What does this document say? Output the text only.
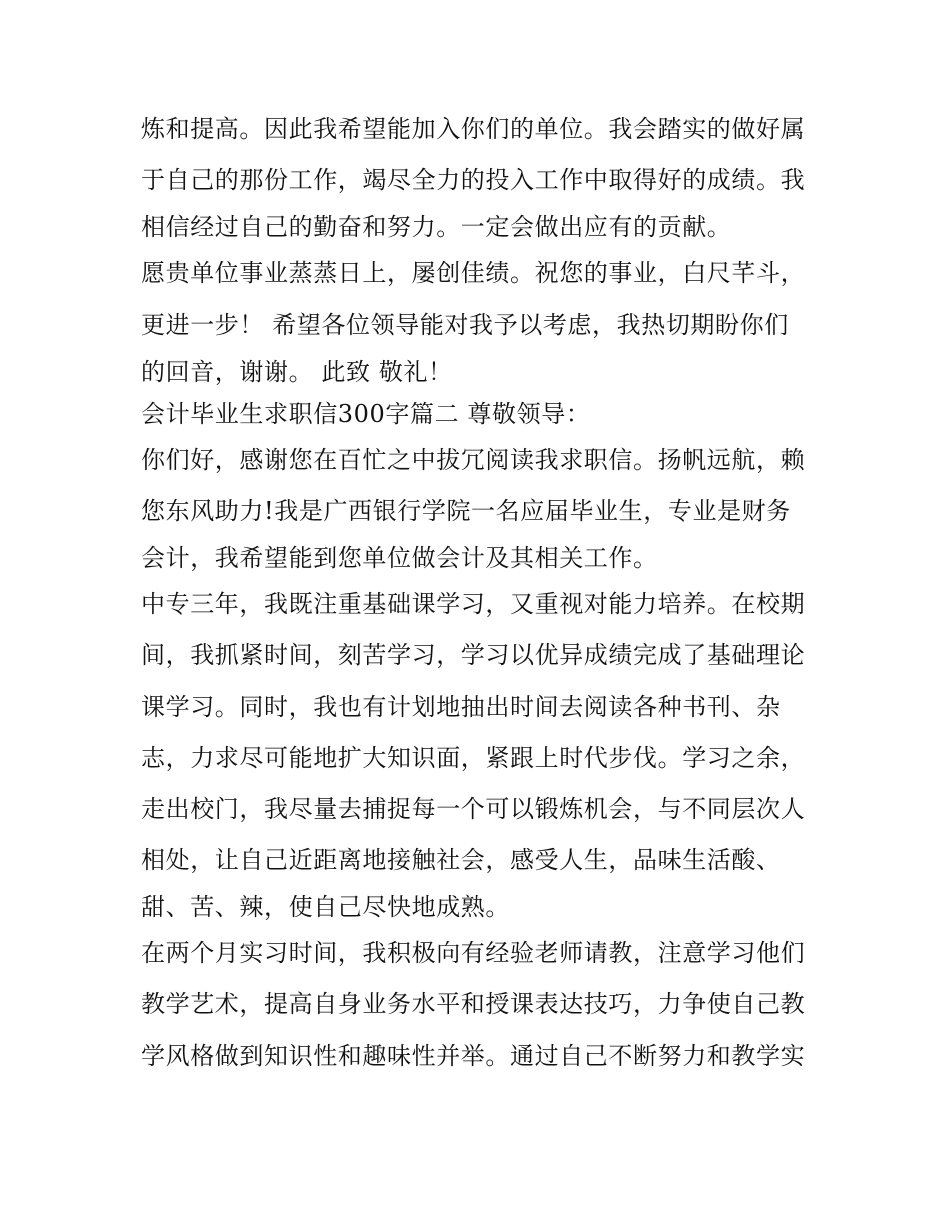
炼和提高。因此我希望能加入你们的单位。我会踏实的做好属
于自己的那份工作，竭尽全力的投入工作中取得好的成绩。我
相信经过自己的勤奋和努力。一定会做出应有的贡献。
愿贵单位事业蒸蒸日上，屡创佳绩。祝您的事业，白尺芊斗，
更进一步！ 希望各位领导能对我予以考虑，我热切期盼你们
的回音，谢谢。 此致 敬礼！
会计毕业生求职信300字篇二 尊敬领导：
你们好，感谢您在百忙之中拔冗阅读我求职信。扬帆远航，赖
您东风助力!我是广西银行学院一名应届毕业生，专业是财务
会计，我希望能到您单位做会计及其相关工作。
中专三年，我既注重基础课学习，又重视对能力培养。在校期
间，我抓紧时间，刻苦学习，学习以优异成绩完成了基础理论
课学习。同时，我也有计划地抽出时间去阅读各种书刊、杂
志，力求尽可能地扩大知识面，紧跟上时代步伐。学习之余，
走出校门，我尽量去捕捉每一个可以锻炼机会，与不同层次人
相处，让自己近距离地接触社会，感受人生，品味生活酸、
甜、苦、辣，使自己尽快地成熟。
在两个月实习时间，我积极向有经验老师请教，注意学习他们
教学艺术，提高自身业务水平和授课表达技巧，力争使自己教
学风格做到知识性和趣味性并举。通过自己不断努力和教学实
